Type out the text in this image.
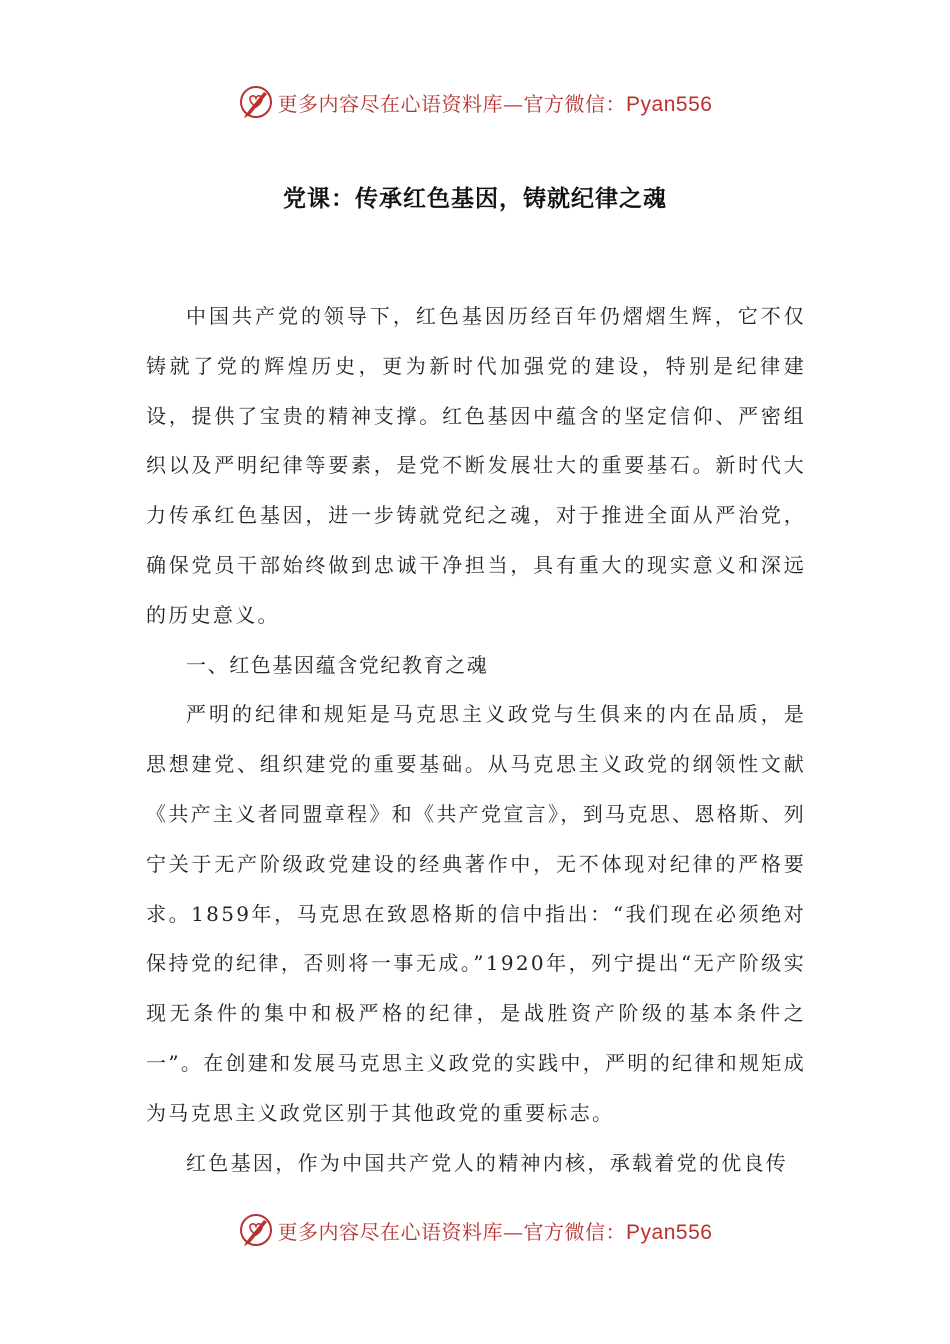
更多内容尽在心语资料库—官方微信：Pyan556
党课：传承红色基因，铸就纪律之魂

中国共产党的领导下，红色基因历经百年仍熠熠生辉，它不仅铸就了党的辉煌历史，更为新时代加强党的建设，特别是纪律建设，提供了宝贵的精神支撑。红色基因中蕴含的坚定信仰、严密组织以及严明纪律等要素，是党不断发展壮大的重要基石。新时代大力传承红色基因，进一步铸就党纪之魂，对于推进全面从严治党，确保党员干部始终做到忠诚干净担当，具有重大的现实意义和深远的历史意义。

一、红色基因蕴含党纪教育之魂

严明的纪律和规矩是马克思主义政党与生俱来的内在品质，是思想建党、组织建党的重要基础。从马克思主义政党的纲领性文献《共产主义者同盟章程》和《共产党宣言》，到马克思、恩格斯、列宁关于无产阶级政党建设的经典著作中，无不体现对纪律的严格要求。1859年，马克思在致恩格斯的信中指出：“我们现在必须绝对保持党的纪律，否则将一事无成。”1920年，列宁提出“无产阶级实现无条件的集中和极严格的纪律，是战胜资产阶级的基本条件之一”。在创建和发展马克思主义政党的实践中，严明的纪律和规矩成为马克思主义政党区别于其他政党的重要标志。

红色基因，作为中国共产党人的精神内核，承载着党的优良传

更多内容尽在心语资料库—官方微信：Pyan556
